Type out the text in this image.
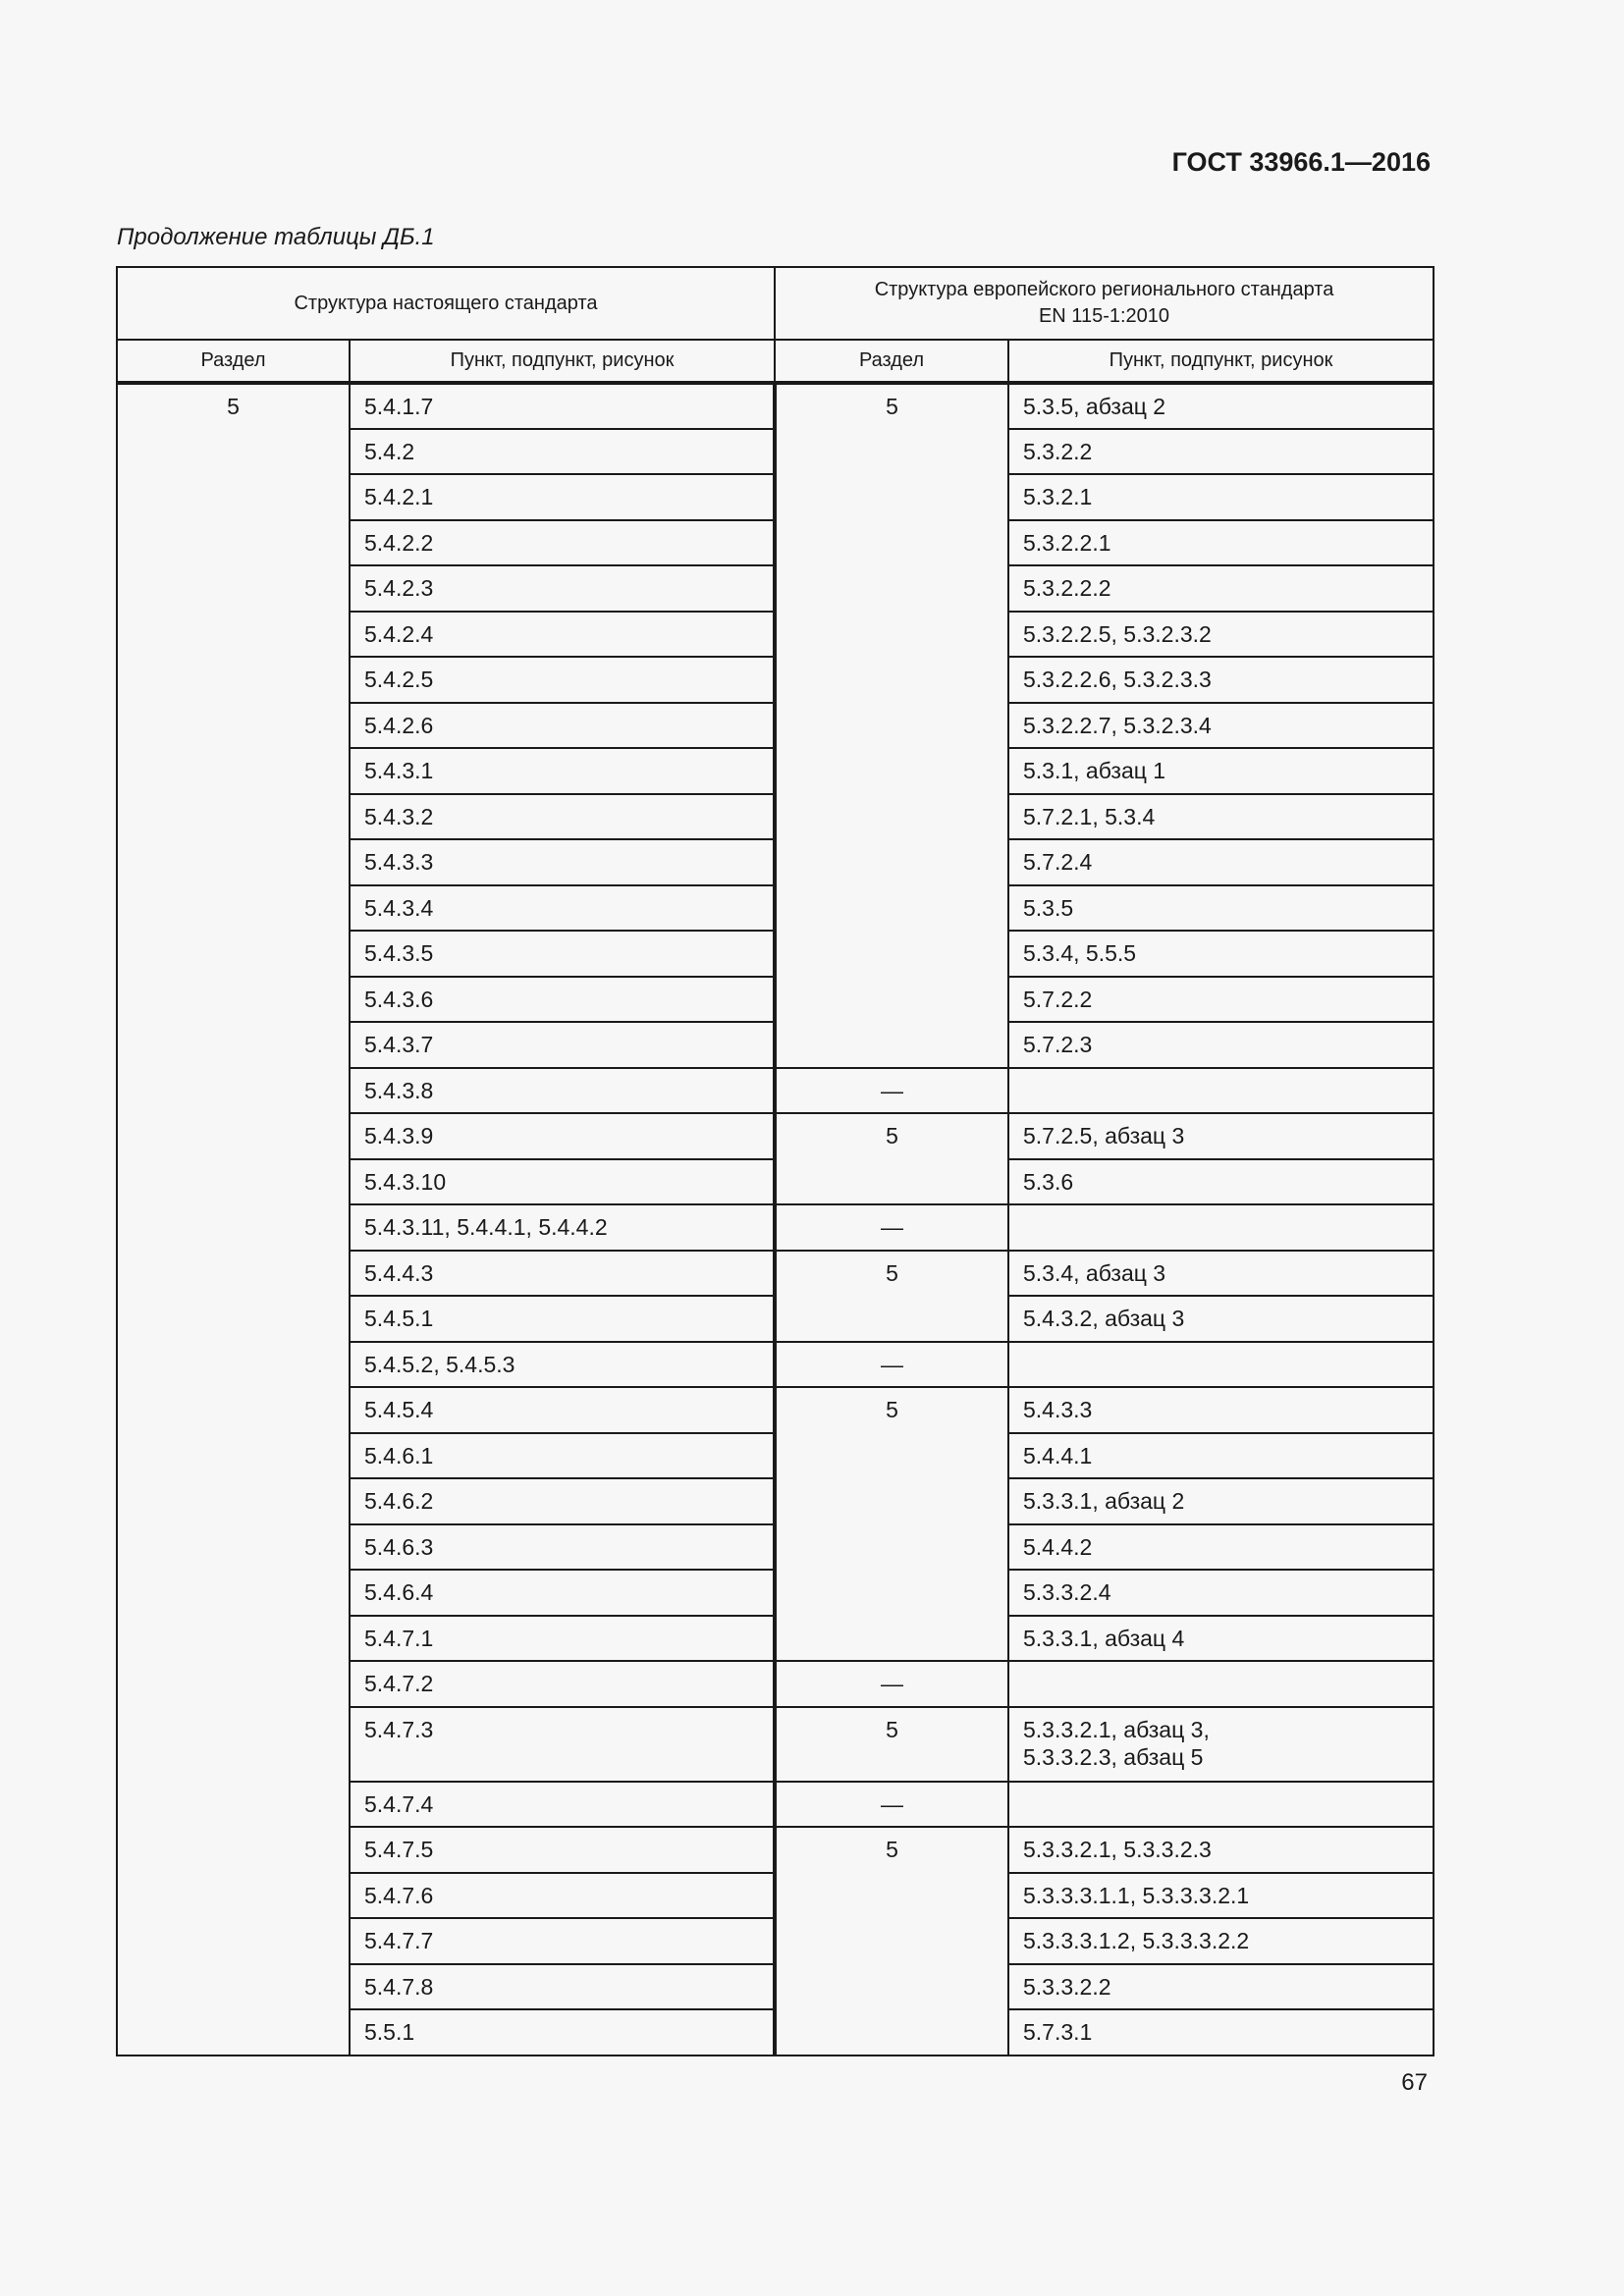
ГОСТ 33966.1—2016
Продолжение таблицы ДБ.1
Структура настоящего стандарта		Структура европейского регионального стандарта
EN 115-1:2010	

Раздел	Пункт, подпункт, рисунок	Раздел	Пункт, подпункт, рисунок
5	5.4.1.7	5	5.3.5, абзац 2
	5.4.2		5.3.2.2
	5.4.2.1		5.3.2.1
	5.4.2.2		5.3.2.2.1
	5.4.2.3		5.3.2.2.2
	5.4.2.4		5.3.2.2.5, 5.3.2.3.2
	5.4.2.5		5.3.2.2.6, 5.3.2.3.3
	5.4.2.6		5.3.2.2.7, 5.3.2.3.4
	5.4.3.1		5.3.1, абзац 1
	5.4.3.2		5.7.2.1, 5.3.4
	5.4.3.3		5.7.2.4
	5.4.3.4		5.3.5
	5.4.3.5		5.3.4, 5.5.5
	5.4.3.6		5.7.2.2
	5.4.3.7		5.7.2.3
	5.4.3.8	—	
	5.4.3.9	5	5.7.2.5, абзац 3
	5.4.3.10		5.3.6
	5.4.3.11, 5.4.4.1, 5.4.4.2	—	
	5.4.4.3	5	5.3.4, абзац 3
	5.4.5.1		5.4.3.2, абзац 3
	5.4.5.2, 5.4.5.3	—	
	5.4.5.4	5	5.4.3.3
	5.4.6.1		5.4.4.1
	5.4.6.2		5.3.3.1, абзац 2
	5.4.6.3		5.4.4.2
	5.4.6.4		5.3.3.2.4
	5.4.7.1		5.3.3.1, абзац 4
	5.4.7.2	—	
	5.4.7.3	5	5.3.3.2.1, абзац 3,
5.3.3.2.3, абзац 5

	5.4.7.4	—	
	5.4.7.5	5	5.3.3.2.1, 5.3.3.2.3
	5.4.7.6		5.3.3.3.1.1, 5.3.3.3.2.1
	5.4.7.7		5.3.3.3.1.2, 5.3.3.3.2.2
	5.4.7.8		5.3.3.2.2
	5.5.1		5.7.3.1
67
